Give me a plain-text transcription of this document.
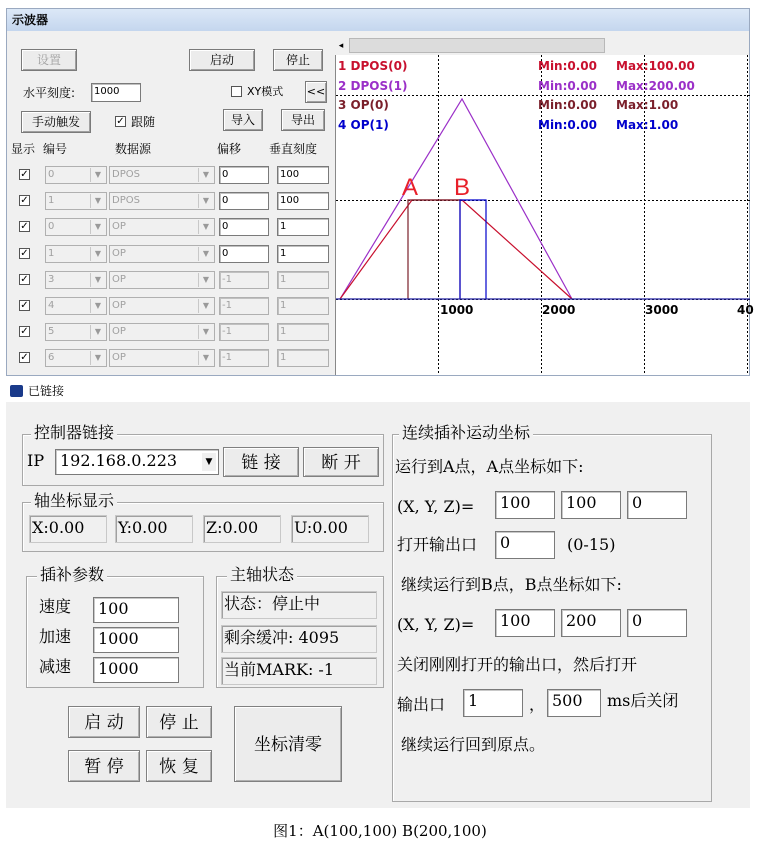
示波器
设置	启动	停止
水平刻度:	1000	XY模式 <<
手动触发	✓ 跟随	导入	导出
显示 编号	数据源	偏移 垂直刻度
✓	0	▼	DPOS	▼	0	100
✓	1	▼	DPOS	▼	0	100
✓	0	▼	OP	▼	0	1
✓	1	▼	OP	▼	0	1
✓	3	▼	OP	▼	-1	1
✓	4	▼	OP	▼	-1	1
✓	5	▼	OP	▼	-1	1
✓	6	▼	OP	▼	-1	1
◂
1 DPOS(0)	Min:0.00 Max:100.00
2 DPOS(1)	Min:0.00 Max:200.00
3 OP(0)	Min:0.00 Max:1.00
4 OP(1)	Min:0.00 Max:1.00
A B
1000	2000	3000	40
已链接
控制器链接
IP 192.168.0.223	▼	链 接	断 开
轴坐标显示
X:0.00	Y:0.00	Z:0.00	U:0.00
插补参数
速度	100
加速	1000
减速	1000
主轴状态
状态：停止中
剩余缓冲: 4095
当前MARK: -1
启 动	停 止
暂 停	恢 复
坐标清零
连续插补运动坐标
运行到A点，A点坐标如下:
(X, Y, Z)=	100	100	0
打开输出口	0	(0-15)
继续运行到B点，B点坐标如下:
(X, Y, Z)=	100	200	0
关闭刚刚打开的输出口，然后打开
输出口	1	， 500	ms后关闭
继续运行回到原点。
图1：A(100,100) B(200,100)
